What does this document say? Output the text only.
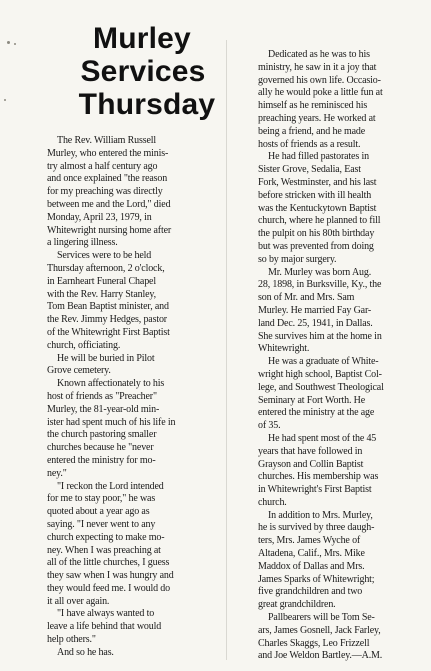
Murley
Services
Thursday
The Rev. William Russell
Murley, who entered the minis-
try almost a half century ago
and once explained "the reason
for my preaching was directly
between me and the Lord," died
Monday, April 23, 1979, in
Whitewright nursing home after
a lingering illness.
Services were to be held
Thursday afternoon, 2 o'clock,
in Earnheart Funeral Chapel
with the Rev. Harry Stanley,
Tom Bean Baptist minister, and
the Rev. Jimmy Hedges, pastor
of the Whitewright First Baptist
church, officiating.
He will be buried in Pilot
Grove cemetery.
Known affectionately to his
host of friends as "Preacher"
Murley, the 81-year-old min-
ister had spent much of his life in
the church pastoring smaller
churches because he "never
entered the ministry for mo-
ney."
"I reckon the Lord intended
for me to stay poor," he was
quoted about a year ago as
saying. "I never went to any
church expecting to make mo-
ney. When I was preaching at
all of the little churches, I guess
they saw when I was hungry and
they would feed me. I would do
it all over again.
"I have always wanted to
leave a life behind that would
help others."
And so he has.
Dedicated as he was to his
ministry, he saw in it a joy that
governed his own life. Occasio-
ally he would poke a little fun at
himself as he reminisced his
preaching years. He worked at
being a friend, and he made
hosts of friends as a result.
He had filled pastorates in
Sister Grove, Sedalia, East
Fork, Westminster, and his last
before stricken with ill health
was the Kentuckytown Baptist
church, where he planned to fill
the pulpit on his 80th birthday
but was prevented from doing
so by major surgery.
Mr. Murley was born Aug.
28, 1898, in Burksville, Ky., the
son of Mr. and Mrs. Sam
Murley. He married Fay Gar-
land Dec. 25, 1941, in Dallas.
She survives him at the home in
Whitewright.
He was a graduate of White-
wright high school, Baptist Col-
lege, and Southwest Theological
Seminary at Fort Worth. He
entered the ministry at the age
of 35.
He had spent most of the 45
years that have followed in
Grayson and Collin Baptist
churches. His membership was
in Whitewright's First Baptist
church.
In addition to Mrs. Murley,
he is survived by three daugh-
ters, Mrs. James Wyche of
Altadena, Calif., Mrs. Mike
Maddox of Dallas and Mrs.
James Sparks of Whitewright;
five grandchildren and two
great grandchildren.
Pallbearers will be Tom Se-
ars, James Gosnell, Jack Farley,
Charles Skaggs, Leo Frizzell
and Joe Weldon Bartley.—A.M.
